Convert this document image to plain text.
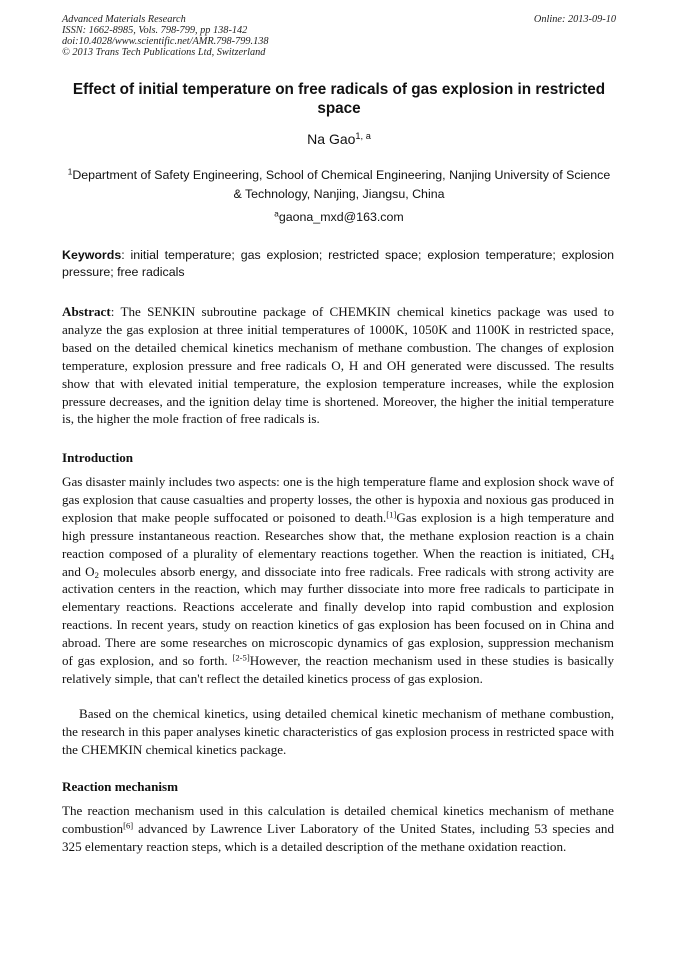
Advanced Materials Research
ISSN: 1662-8985, Vols. 798-799, pp 138-142
doi:10.4028/www.scientific.net/AMR.798-799.138
© 2013 Trans Tech Publications Ltd, Switzerland
Online: 2013-09-10
Effect of initial temperature on free radicals of gas explosion in restricted space
Na Gao$^{1, a}$
$^1$Department of Safety Engineering, School of Chemical Engineering, Nanjing University of Science & Technology, Nanjing, Jiangsu, China
$^a$gaona_mxd@163.com
Keywords: initial temperature; gas explosion; restricted space; explosion temperature; explosion pressure; free radicals
Abstract: The SENKIN subroutine package of CHEMKIN chemical kinetics package was used to analyze the gas explosion at three initial temperatures of 1000K, 1050K and 1100K in restricted space, based on the detailed chemical kinetics mechanism of methane combustion. The changes of explosion temperature, explosion pressure and free radicals O, H and OH generated were discussed. The results show that with elevated initial temperature, the explosion temperature increases, while the explosion pressure decreases, and the ignition delay time is shortened. Moreover, the higher the initial temperature is, the higher the mole fraction of free radicals is.
Introduction

Gas disaster mainly includes two aspects: one is the high temperature flame and explosion shock wave of gas explosion that cause casualties and property losses, the other is hypoxia and noxious gas produced in explosion that make people suffocated or poisoned to death.[1]Gas explosion is a high temperature and high pressure instantaneous reaction. Researches show that, the methane explosion reaction is a chain reaction composed of a plurality of elementary reactions together. When the reaction is initiated, $CH_4$ and $O_2$ molecules absorb energy, and dissociate into free radicals. Free radicals with strong activity are activation centers in the reaction, which may further dissociate into more free radicals to participate in elementary reactions. Reactions accelerate and finally develop into rapid combustion and explosion reactions. In recent years, study on reaction kinetics of gas explosion has been focused on in China and abroad. There are some researches on microscopic dynamics of gas explosion, suppression mechanism of gas explosion, and so forth. [2-5]However, the reaction mechanism used in these studies is basically relatively simple, that can't reflect the detailed kinetics process of gas explosion.

Based on the chemical kinetics, using detailed chemical kinetic mechanism of methane combustion, the research in this paper analyses kinetic characteristics of gas explosion process in restricted space with the CHEMKIN chemical kinetics package.

Reaction mechanism

The reaction mechanism used in this calculation is detailed chemical kinetics mechanism of methane combustion[6] advanced by Lawrence Liver Laboratory of the United States, including 53 species and 325 elementary reaction steps, which is a detailed description of the methane oxidation reaction.
